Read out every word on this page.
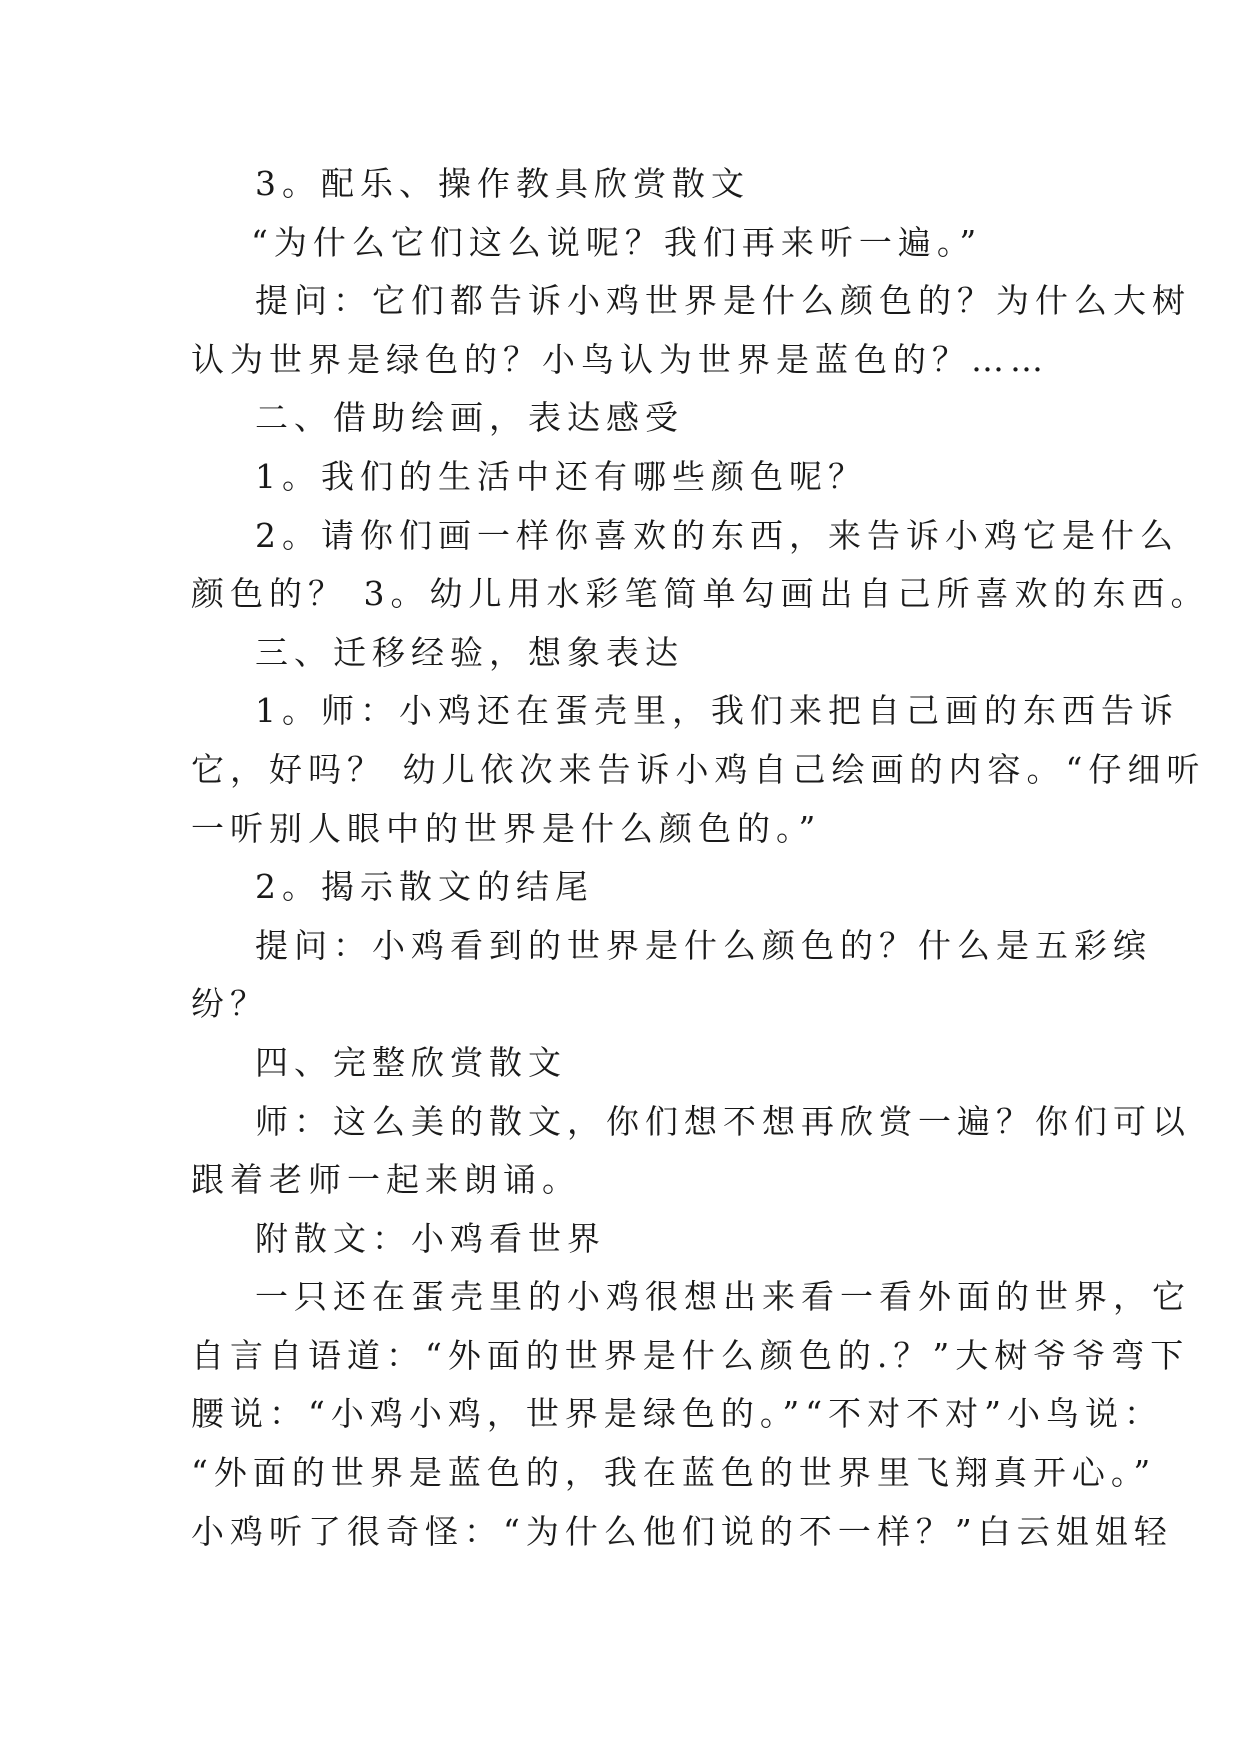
3。配乐、操作教具欣赏散文
“为什么它们这么说呢？我们再来听一遍。”
提问：它们都告诉小鸡世界是什么颜色的？为什么大树
认为世界是绿色的？小鸟认为世界是蓝色的？……
二、借助绘画，表达感受
1。我们的生活中还有哪些颜色呢？
2。请你们画一样你喜欢的东西，来告诉小鸡它是什么
颜色的？ 3。幼儿用水彩笔简单勾画出自己所喜欢的东西。
三、迁移经验，想象表达
1。师：小鸡还在蛋壳里，我们来把自己画的东西告诉
它，好吗？ 幼儿依次来告诉小鸡自己绘画的内容。“仔细听
一听别人眼中的世界是什么颜色的。”
2。揭示散文的结尾
提问：小鸡看到的世界是什么颜色的？什么是五彩缤
纷？
四、完整欣赏散文
师：这么美的散文，你们想不想再欣赏一遍？你们可以
跟着老师一起来朗诵。
附散文：小鸡看世界
一只还在蛋壳里的小鸡很想出来看一看外面的世界，它
自言自语道：“外面的世界是什么颜色的.？”大树爷爷弯下
腰说：“小鸡小鸡，世界是绿色的。”“不对不对”小鸟说：
“外面的世界是蓝色的，我在蓝色的世界里飞翔真开心。”
小鸡听了很奇怪：“为什么他们说的不一样？”白云姐姐轻
